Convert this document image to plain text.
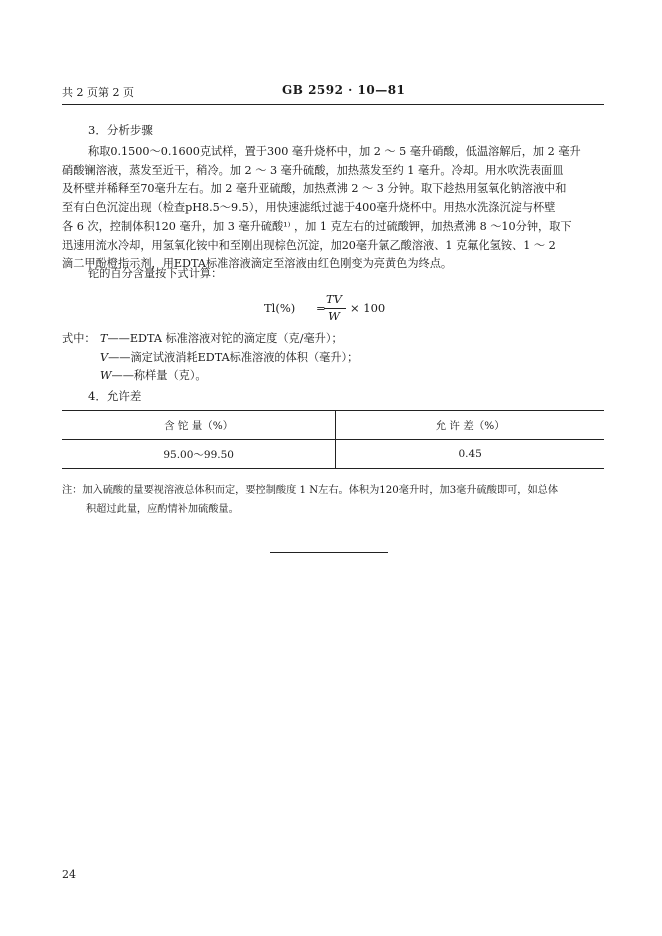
共 2 页第 2 页	GB 2592 · 10—81
3．分析步骤
称取0.1500～0.1600克试样，置于300 毫升烧杯中，加 2 ～ 5 毫升硝酸，低温溶解后，加 2 毫升
硝酸镧溶液，蒸发至近干，稍冷。加 2 ～ 3 毫升硫酸，加热蒸发至约 1 毫升。冷却。用水吹洗表面皿
及杯壁并稀释至70毫升左右。加 2 毫升亚硫酸，加热煮沸 2 ～ 3 分钟。取下趁热用氢氧化钠溶液中和
至有白色沉淀出现（检查pH8.5～9.5），用快速滤纸过滤于400毫升烧杯中。用热水洗涤沉淀与杯壁
各 6 次，控制体积120 毫升，加 3 毫升硫酸¹⁾ ，加 1 克左右的过硫酸钾，加热煮沸 8 ～10分钟，取下
迅速用流水冷却，用氢氧化铵中和至刚出现棕色沉淀，加20毫升氯乙酸溶液、1 克氟化氢铵、1 ～ 2
滴二甲酚橙指示剂，用EDTA标准溶液滴定至溶液由红色刚变为亮黄色为终点。
铊的百分含量按下式计算：
Tl(%) =
TV
W
× 100
式中： T——EDTA 标准溶液对铊的滴定度（克/毫升）；
V——滴定试液消耗EDTA标准溶液的体积（毫升）；
W——称样量（克）。
4．允许差
含 铊 量（%）	允 许 差（%）
95.00～99.50	0.45
注：加入硫酸的量要视溶液总体积而定，要控制酸度 1 N左右。体积为120毫升时，加3毫升硫酸即可，如总体
积超过此量，应酌情补加硫酸量。
24
